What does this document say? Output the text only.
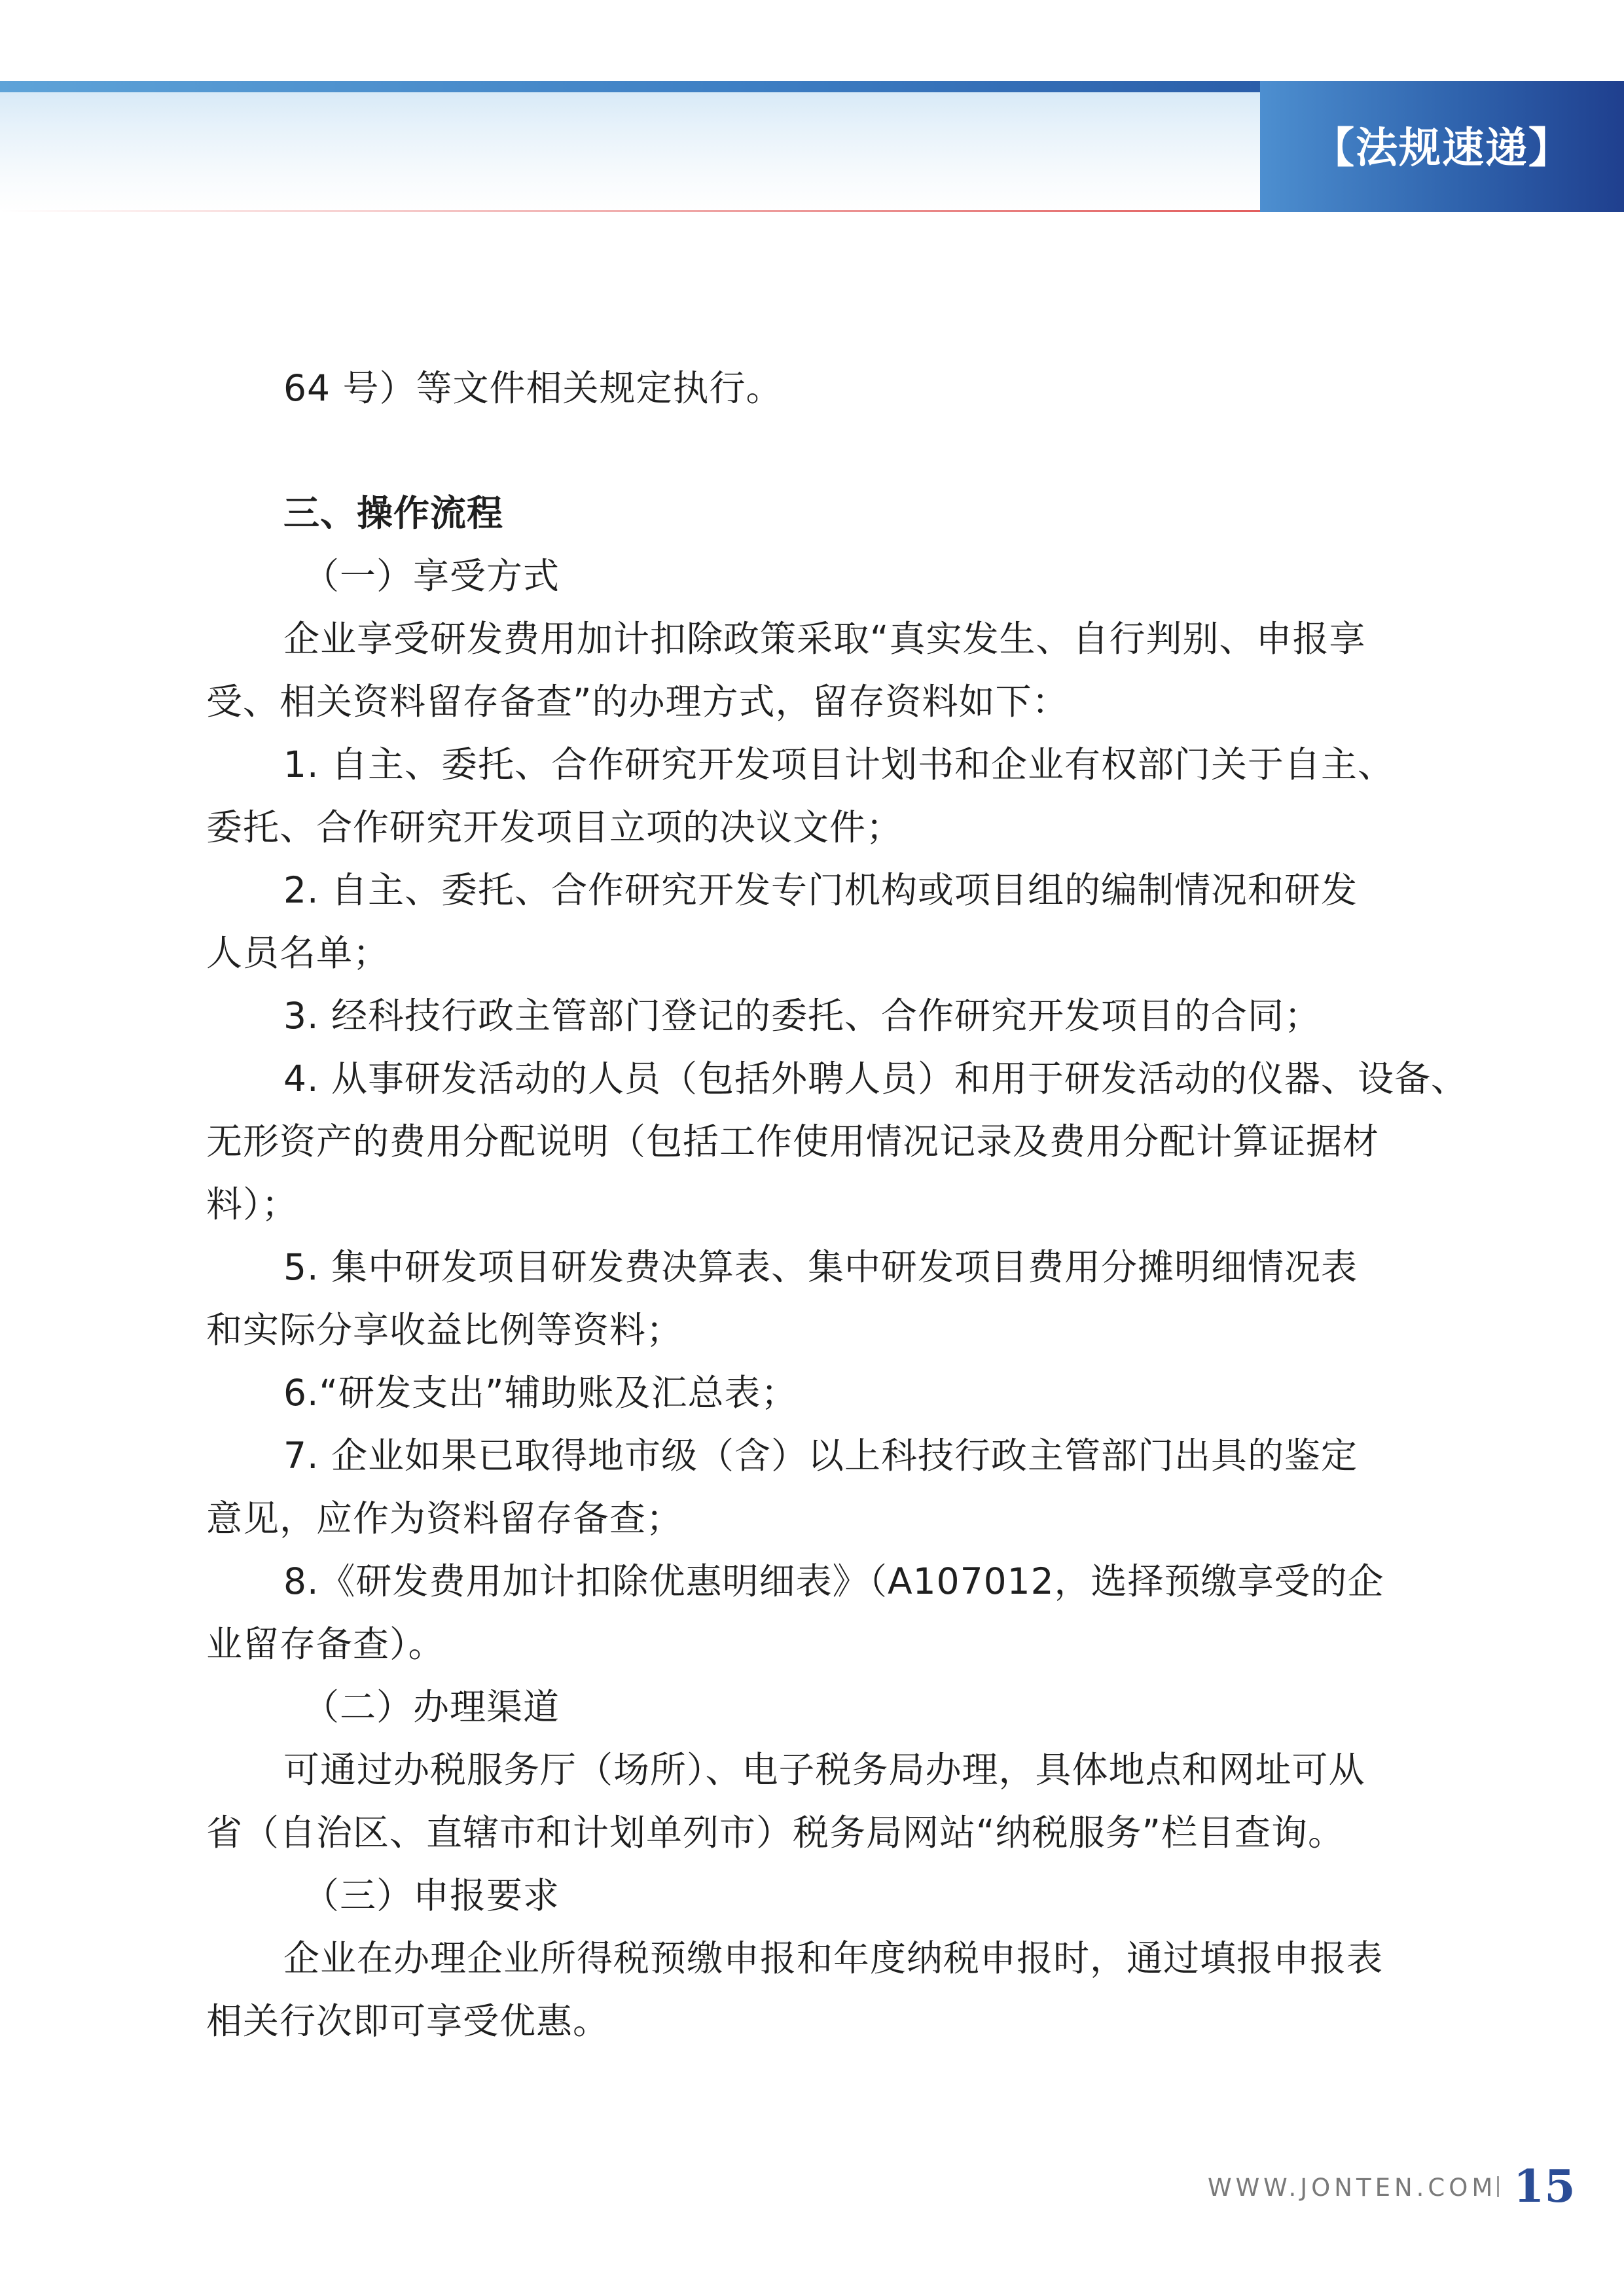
【法规速递】
64 号）等文件相关规定执行。
三、操作流程
（一）享受方式
企业享受研发费用加计扣除政策采取“真实发生、自行判别、申报享
受、相关资料留存备查”的办理方式，留存资料如下：
1. 自主、委托、合作研究开发项目计划书和企业有权部门关于自主、
委托、合作研究开发项目立项的决议文件；
2. 自主、委托、合作研究开发专门机构或项目组的编制情况和研发
人员名单；
3. 经科技行政主管部门登记的委托、合作研究开发项目的合同；
4. 从事研发活动的人员（包括外聘人员）和用于研发活动的仪器、设备、
无形资产的费用分配说明（包括工作使用情况记录及费用分配计算证据材
料）；
5. 集中研发项目研发费决算表、集中研发项目费用分摊明细情况表
和实际分享收益比例等资料；
6.“研发支出”辅助账及汇总表；
7. 企业如果已取得地市级（含）以上科技行政主管部门出具的鉴定
意见，应作为资料留存备查；
8.《研发费用加计扣除优惠明细表》（A107012，选择预缴享受的企
业留存备查）。
（二）办理渠道
可通过办税服务厅（场所）、电子税务局办理，具体地点和网址可从
省（自治区、直辖市和计划单列市）税务局网站“纳税服务”栏目查询。
（三）申报要求
企业在办理企业所得税预缴申报和年度纳税申报时，通过填报申报表
相关行次即可享受优惠。
WWW.JONTEN.COM 15
